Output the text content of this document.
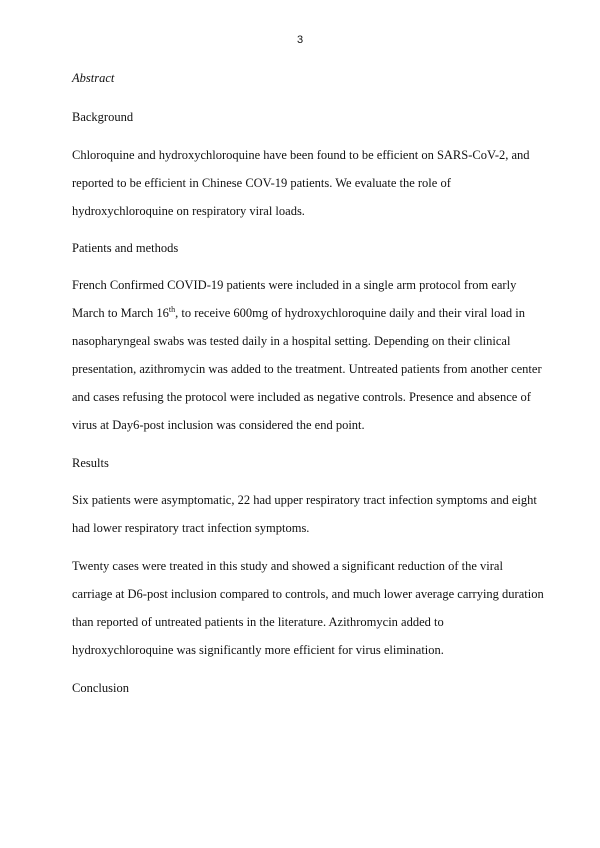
3
Abstract
Background
Chloroquine and hydroxychloroquine have been found to be efficient on SARS-CoV-2, and
reported to be efficient in Chinese COV-19 patients. We evaluate the role of
hydroxychloroquine on respiratory viral loads.
Patients and methods
French Confirmed COVID-19 patients were included in a single arm protocol from early
March to March 16th, to receive 600mg of hydroxychloroquine daily and their viral load in
nasopharyngeal swabs was tested daily in a hospital setting. Depending on their clinical
presentation, azithromycin was added to the treatment. Untreated patients from another center
and cases refusing the protocol were included as negative controls. Presence and absence of
virus at Day6-post inclusion was considered the end point.
Results
Six patients were asymptomatic, 22 had upper respiratory tract infection symptoms and eight
had lower respiratory tract infection symptoms.
Twenty cases were treated in this study and showed a significant reduction of the viral
carriage at D6-post inclusion compared to controls, and much lower average carrying duration
than reported of untreated patients in the literature. Azithromycin added to
hydroxychloroquine was significantly more efficient for virus elimination.
Conclusion
